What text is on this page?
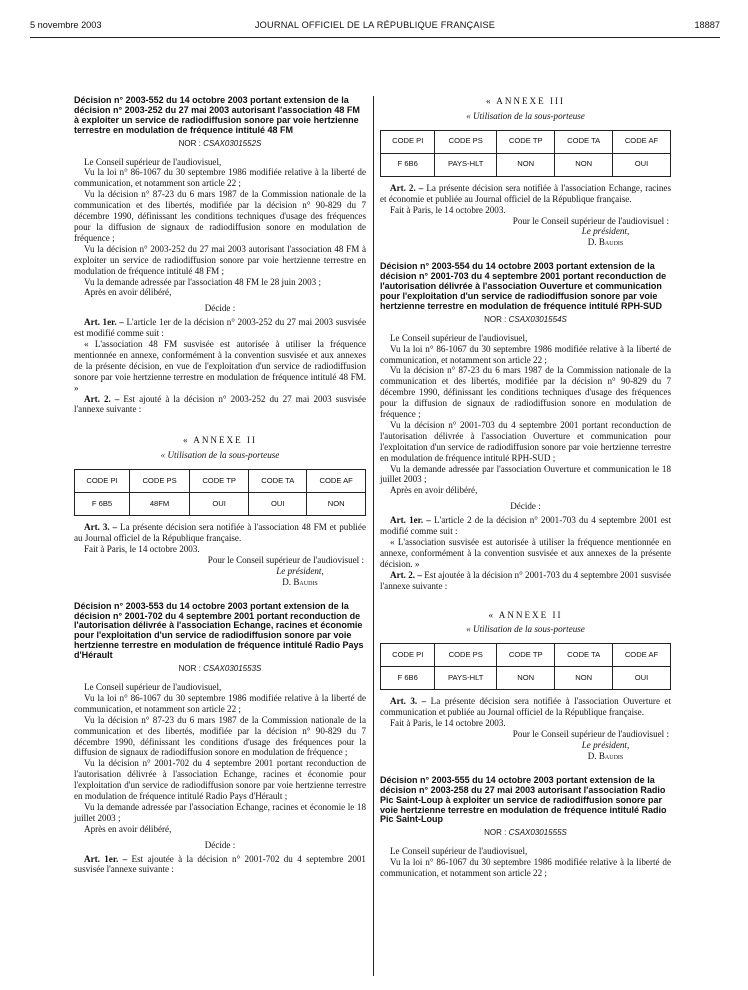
5 novembre 2003	JOURNAL OFFICIEL DE LA RÉPUBLIQUE FRANÇAISE	18887
Décision n° 2003-552 du 14 octobre 2003 portant extension de la décision n° 2003-252 du 27 mai 2003 autorisant l'association 48 FM à exploiter un service de radiodiffusion sonore par voie hertzienne terrestre en modulation de fréquence intitulé 48 FM
NOR : CSAX0301552S

Le Conseil supérieur de l'audiovisuel,

Vu la loi n° 86-1067 du 30 septembre 1986 modifiée relative à la liberté de communication, et notamment son article 22 ;

Vu la décision n° 87-23 du 6 mars 1987 de la Commission nationale de la communication et des libertés, modifiée par la décision n° 90-829 du 7 décembre 1990, définissant les conditions techniques d'usage des fréquences pour la diffusion de signaux de radiodiffusion sonore en modulation de fréquence ;

Vu la décision n° 2003-252 du 27 mai 2003 autorisant l'association 48 FM à exploiter un service de radiodiffusion sonore par voie hertzienne terrestre en modulation de fréquence intitulé 48 FM ;

Vu la demande adressée par l'association 48 FM le 28 juin 2003 ;

Après en avoir délibéré,

Décide :

Art. 1er. – L'article 1er de la décision n° 2003-252 du 27 mai 2003 susvisée est modifié comme suit :

« L'association 48 FM susvisée est autorisée à utiliser la fréquence mentionnée en annexe, conformément à la convention susvisée et aux annexes de la présente décision, en vue de l'exploitation d'un service de radiodiffusion sonore par voie hertzienne terrestre en modulation de fréquence intitulé 48 FM. »

Art. 2. – Est ajouté à la décision n° 2003-252 du 27 mai 2003 susvisée l'annexe suivante :

« ANNEXE II
« Utilisation de la sous-porteuse
CODE PI	CODE PS	CODE TP	CODE TA	CODE AF
F 6B5	48FM	OUI	OUI	NON

Art. 3. – La présente décision sera notifiée à l'association 48 FM et publiée au Journal officiel de la République française.

Fait à Paris, le 14 octobre 2003.

Pour le Conseil supérieur de l'audiovisuel :
Le président,
D. Baudis
Décision n° 2003-553 du 14 octobre 2003 portant extension de la décision n° 2001-702 du 4 septembre 2001 portant reconduction de l'autorisation délivrée à l'association Echange, racines et économie pour l'exploitation d'un service de radiodiffusion sonore par voie hertzienne terrestre en modulation de fréquence intitulé Radio Pays d'Hérault
NOR : CSAX0301553S

Le Conseil supérieur de l'audiovisuel,

Vu la loi n° 86-1067 du 30 septembre 1986 modifiée relative à la liberté de communication, et notamment son article 22 ;

Vu la décision n° 87-23 du 6 mars 1987 de la Commission nationale de la communication et des libertés, modifiée par la décision n° 90-829 du 7 décembre 1990, définissant les conditions d'usage des fréquences pour la diffusion de signaux de radiodiffusion sonore en modulation de fréquence ;

Vu la décision n° 2001-702 du 4 septembre 2001 portant reconduction de l'autorisation délivrée à l'association Echange, racines et économie pour l'exploitation d'un service de radiodiffusion sonore par voie hertzienne terrestre en modulation de fréquence intitulé Radio Pays d'Hérault ;

Vu la demande adressée par l'association Echange, racines et économie le 18 juillet 2003 ;

Après en avoir délibéré,

Décide :

Art. 1er. – Est ajoutée à la décision n° 2001-702 du 4 septembre 2001 susvisée l'annexe suivante :

« ANNEXE III
« Utilisation de la sous-porteuse
CODE PI	CODE PS	CODE TP	CODE TA	CODE AF
F 6B6	PAYS-HLT	NON	NON	OUI

Art. 2. – La présente décision sera notifiée à l'association Echange, racines et économie et publiée au Journal officiel de la République française.

Fait à Paris, le 14 octobre 2003.

Pour le Conseil supérieur de l'audiovisuel :
Le président,
D. Baudis
Décision n° 2003-554 du 14 octobre 2003 portant extension de la décision n° 2001-703 du 4 septembre 2001 portant reconduction de l'autorisation délivrée à l'association Ouverture et communication pour l'exploitation d'un service de radiodiffusion sonore par voie hertzienne terrestre en modulation de fréquence intitulé RPH-SUD
NOR : CSAX0301554S

Le Conseil supérieur de l'audiovisuel,

Vu la loi n° 86-1067 du 30 septembre 1986 modifiée relative à la liberté de communication, et notamment son article 22 ;

Vu la décision n° 87-23 du 6 mars 1987 de la Commission nationale de la communication et des libertés, modifiée par la décision n° 90-829 du 7 décembre 1990, définissant les conditions techniques d'usage des fréquences pour la diffusion de signaux de radiodiffusion sonore en modulation de fréquence ;

Vu la décision n° 2001-703 du 4 septembre 2001 portant reconduction de l'autorisation délivrée à l'association Ouverture et communication pour l'exploitation d'un service de radiodiffusion sonore par voie hertzienne terrestre en modulation de fréquence intitulé RPH-SUD ;

Vu la demande adressée par l'association Ouverture et communication le 18 juillet 2003 ;

Après en avoir délibéré,

Décide :

Art. 1er. – L'article 2 de la décision n° 2001-703 du 4 septembre 2001 est modifié comme suit :

« L'association susvisée est autorisée à utiliser la fréquence mentionnée en annexe, conformément à la convention susvisée et aux annexes de la présente décision. »

Art. 2. – Est ajoutée à la décision n° 2001-703 du 4 septembre 2001 susvisée l'annexe suivante :

« ANNEXE II
« Utilisation de la sous-porteuse
CODE PI	CODE PS	CODE TP	CODE TA	CODE AF
F 6B6	PAYS-HLT	NON	NON	OUI

Art. 3. – La présente décision sera notifiée à l'association Ouverture et communication et publiée au Journal officiel de la République française.

Fait à Paris, le 14 octobre 2003.

Pour le Conseil supérieur de l'audiovisuel :
Le président,
D. Baudis
Décision n° 2003-555 du 14 octobre 2003 portant extension de la décision n° 2003-258 du 27 mai 2003 autorisant l'association Radio Pic Saint-Loup à exploiter un service de radiodiffusion sonore par voie hertzienne terrestre en modulation de fréquence intitulé Radio Pic Saint-Loup
NOR : CSAX0301555S

Le Conseil supérieur de l'audiovisuel,

Vu la loi n° 86-1067 du 30 septembre 1986 modifiée relative à la liberté de communication, et notamment son article 22 ;
